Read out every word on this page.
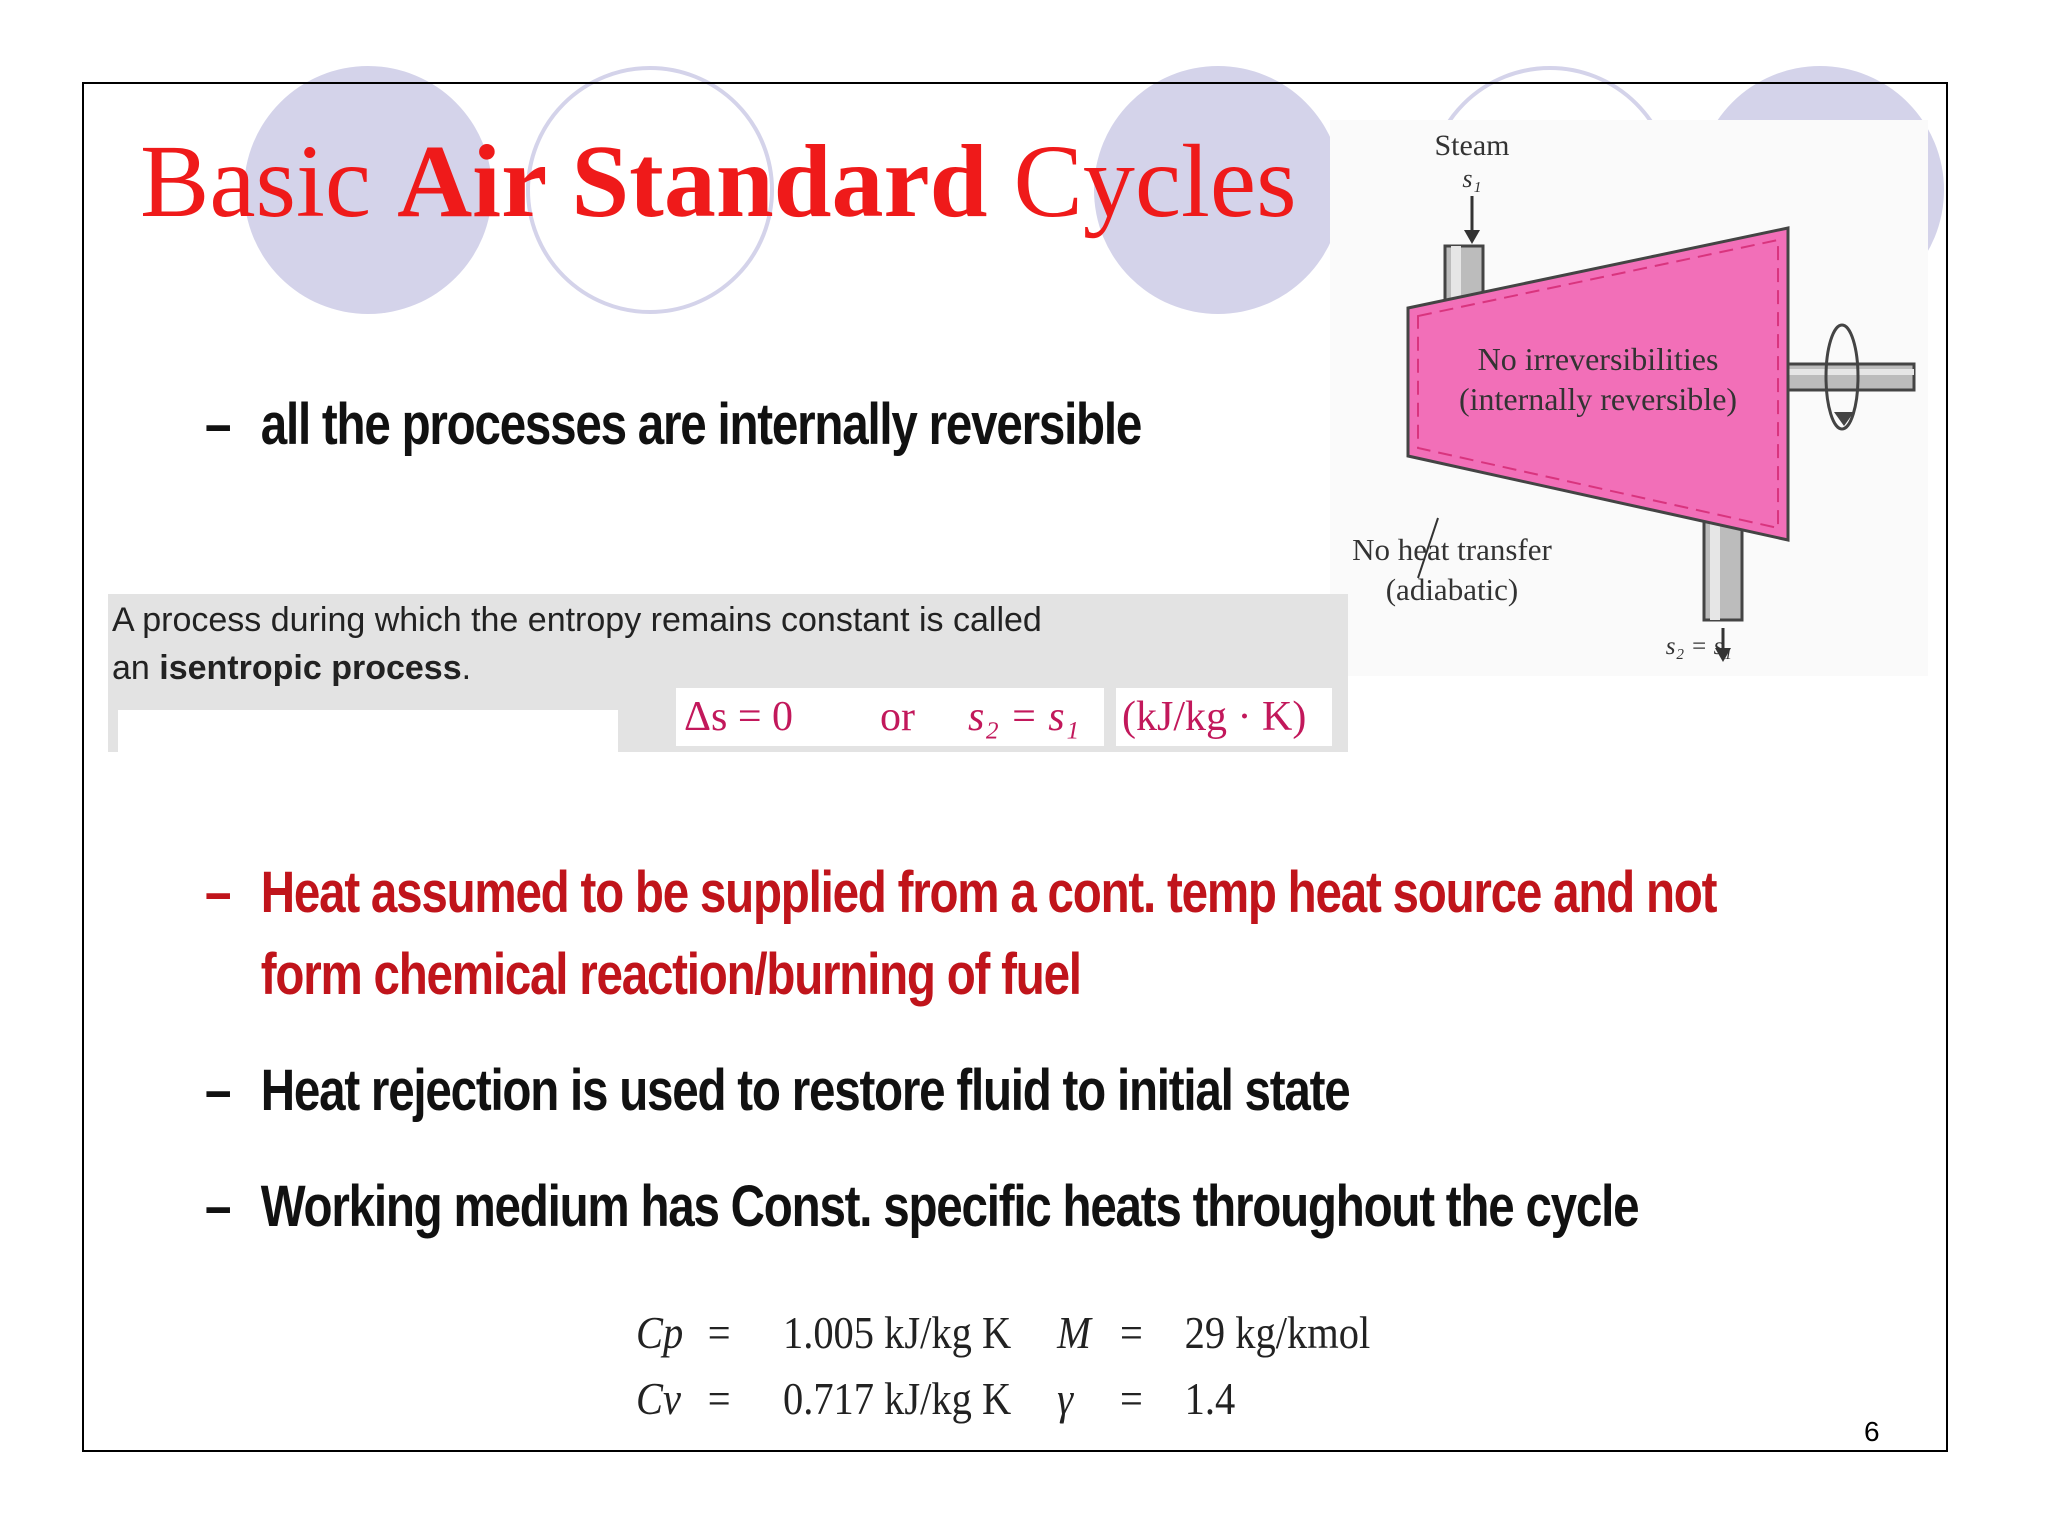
Basic Air Standard Cycles	Steam
s₁
No irreversibilities
(internally reversible)
No heat transfer
(adiabatic)
s₂ = s₁
– all the processes are internally reversible
A process during which the entropy remains constant is called
an isentropic process.
Δs = 0 or s₂ = s₁ (kJ/kg · K)
– Heat assumed to be supplied from a cont. temp heat source and not
form chemical reaction/burning of fuel
– Heat rejection is used to restore fluid to initial state
– Working medium has Const. specific heats throughout the cycle
Cp = 1.005 kJ/kg K M = 29 kg/kmol
Cv = 0.717 kJ/kg K γ = 1.4
6
